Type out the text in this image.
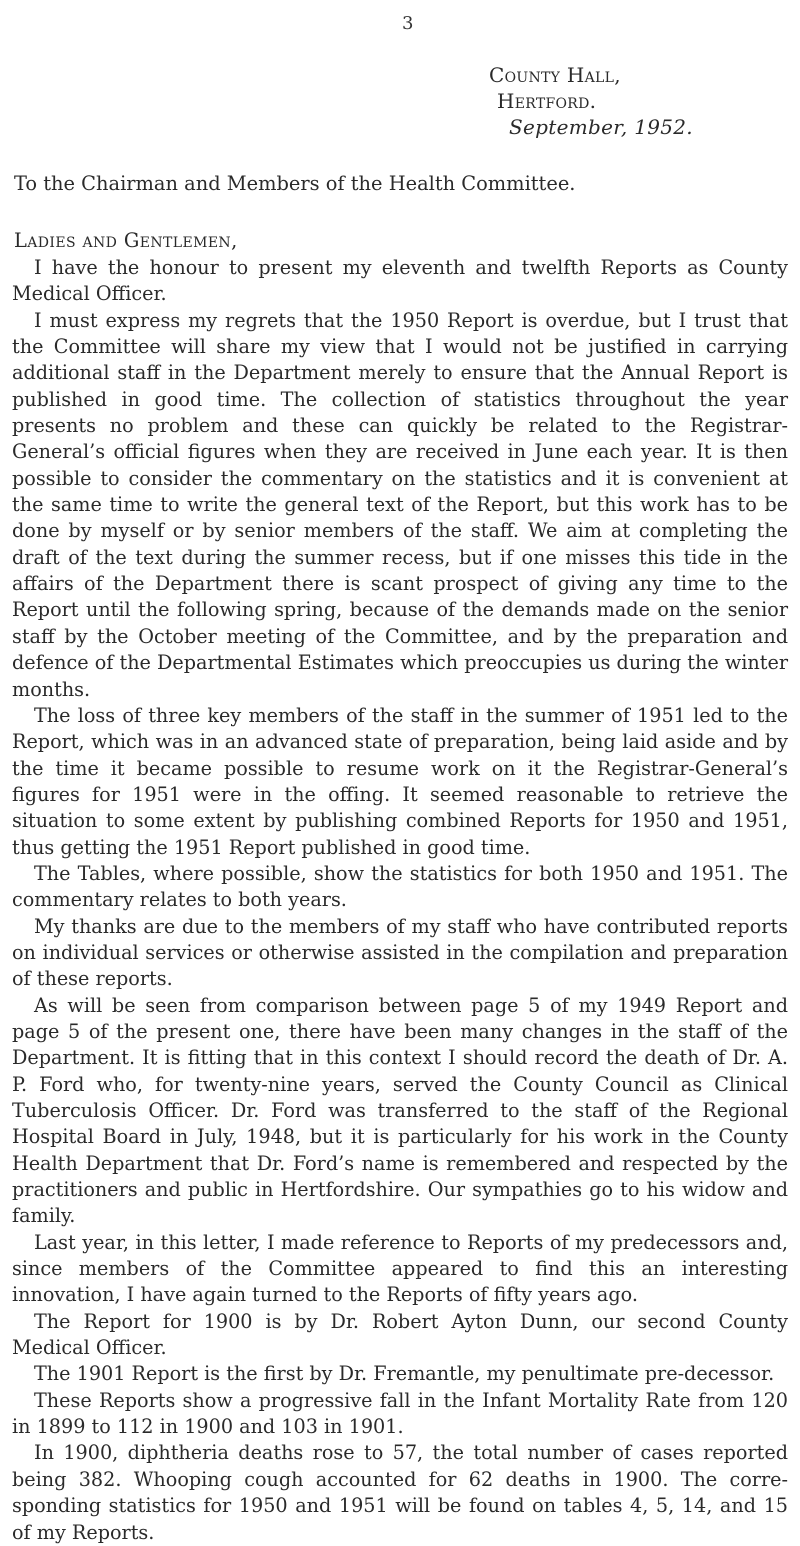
3
County Hall,
Hertford.
September, 1952.
To the Chairman and Members of the Health Committee.
Ladies and Gentlemen,

I have the honour to present my eleventh and twelfth Reports as County Medical Officer.

I must express my regrets that the 1950 Report is overdue, but I trust that the Committee will share my view that I would not be justified in carrying additional staff in the Department merely to ensure that the Annual Report is published in good time. The collection of statistics throughout the year presents no problem and these can quickly be related to the Registrar-General’s official figures when they are received in June each year. It is then possible to consider the commentary on the statistics and it is convenient at the same time to write the general text of the Report, but this work has to be done by myself or by senior members of the staff. We aim at completing the draft of the text during the summer recess, but if one misses this tide in the affairs of the Department there is scant prospect of giving any time to the Report until the following spring, because of the demands made on the senior staff by the October meeting of the Committee, and by the preparation and defence of the Departmental Estimates which preoccupies us during the winter months.

The loss of three key members of the staff in the summer of 1951 led to the Report, which was in an advanced state of preparation, being laid aside and by the time it became possible to resume work on it the Registrar-General’s figures for 1951 were in the offing. It seemed reasonable to retrieve the situation to some extent by publishing combined Reports for 1950 and 1951, thus getting the 1951 Report published in good time.

The Tables, where possible, show the statistics for both 1950 and 1951. The commentary relates to both years.

My thanks are due to the members of my staff who have contributed reports on individual services or otherwise assisted in the compilation and preparation of these reports.

As will be seen from comparison between page 5 of my 1949 Report and page 5 of the present one, there have been many changes in the staff of the Department. It is fitting that in this context I should record the death of Dr. A. P. Ford who, for twenty-nine years, served the County Council as Clinical Tuberculosis Officer. Dr. Ford was transferred to the staff of the Regional Hospital Board in July, 1948, but it is particularly for his work in the County Health Department that Dr. Ford’s name is remembered and respected by the practitioners and public in Hertfordshire. Our sympathies go to his widow and family.

Last year, in this letter, I made reference to Reports of my predecessors and, since members of the Committee appeared to find this an interesting innovation, I have again turned to the Reports of fifty years ago.

The Report for 1900 is by Dr. Robert Ayton Dunn, our second County Medical Officer.

The 1901 Report is the first by Dr. Fremantle, my penultimate pre-decessor.

These Reports show a progressive fall in the Infant Mortality Rate from 120 in 1899 to 112 in 1900 and 103 in 1901.

In 1900, diphtheria deaths rose to 57, the total number of cases reported being 382. Whooping cough accounted for 62 deaths in 1900. The corre-sponding statistics for 1950 and 1951 will be found on tables 4, 5, 14, and 15 of my Reports.
